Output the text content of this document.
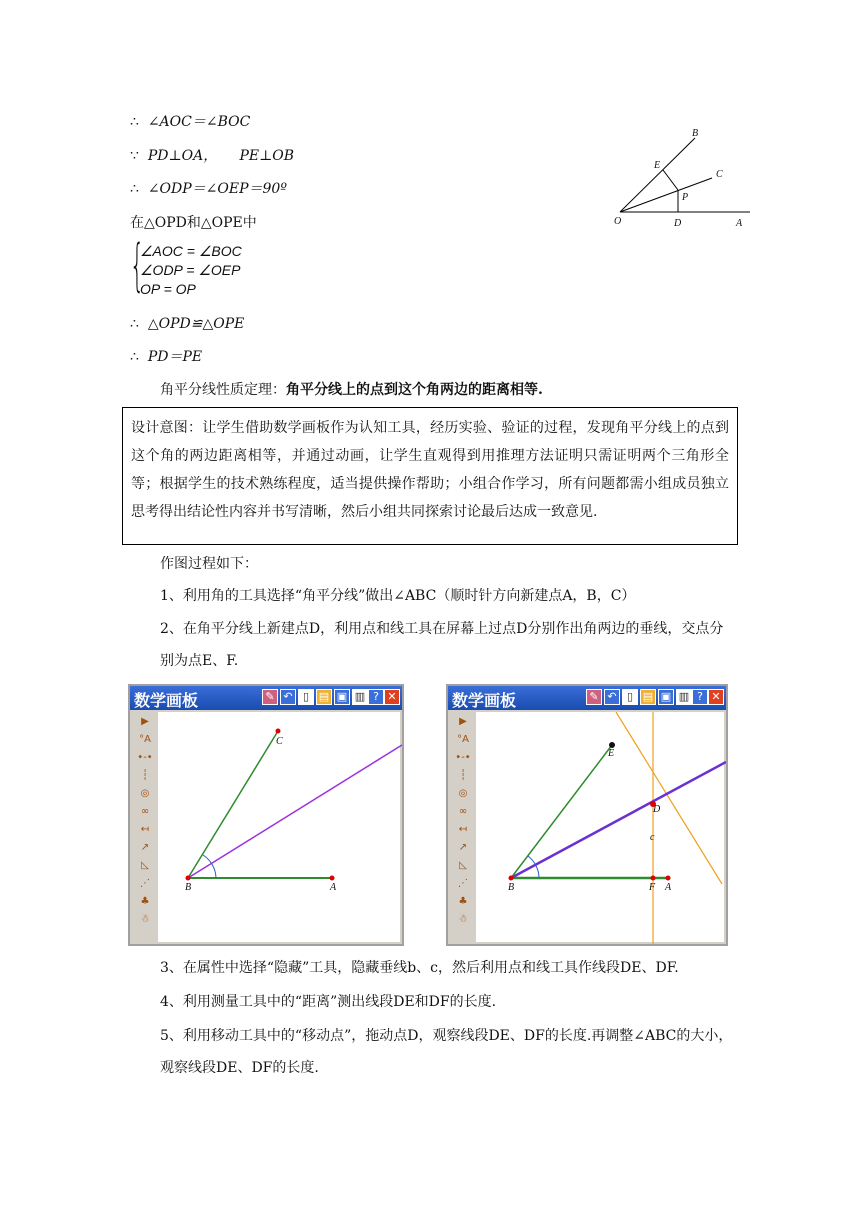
∴ ∠AOC＝∠BOC
∵ PD⊥OA， PE⊥OB
∴ ∠ODP＝∠OEP＝90º
在△OPD和△OPE中
{
∠AOC = ∠BOC
∠ODP = ∠OEP
OP = OP
∴ △OPD≌△OPE
∴ PD＝PE
角平分线性质定理：角平分线上的点到这个角两边的距离相等.
B
E
C
P
O	D	A
设计意图：让学生借助数学画板作为认知工具，经历实验、验证的过程，发现角平分线上的点到这个角的两边距离相等，并通过动画，让学生直观得到用推理方法证明只需证明两个三角形全等；根据学生的技术熟练程度，适当提供操作帮助；小组合作学习，所有问题都需小组成员独立思考得出结论性内容并书写清晰，然后小组共同探索讨论最后达成一致意见.
作图过程如下：
1、利用角的工具选择“角平分线”做出∠ABC（顺时针方向新建点A，B，C）
2、在角平分线上新建点D，利用点和线工具在屏幕上过点D分别作出角两边的垂线，交点分别为点E、F.
数学画板	✎ ↶ ▯ ▤ ▣ ▥ ? ✕
▶
°A
•-•
┆
◎
∞
↤
↗
◺
⋰
♣
☃
C
B	A
数学画板	✎ ↶ ▯ ▤ ▣ ▥ ? ✕
▶
°A
•-•
┆
◎
∞
↤
↗
◺
⋰
♣
☃
E
D
c
B	F A
3、在属性中选择“隐藏”工具，隐藏垂线b、c，然后利用点和线工具作线段DE、DF.
4、利用测量工具中的“距离”测出线段DE和DF的长度.
5、利用移动工具中的“移动点”，拖动点D，观察线段DE、DF的长度.再调整∠ABC的大小，观察线段DE、DF的长度.
